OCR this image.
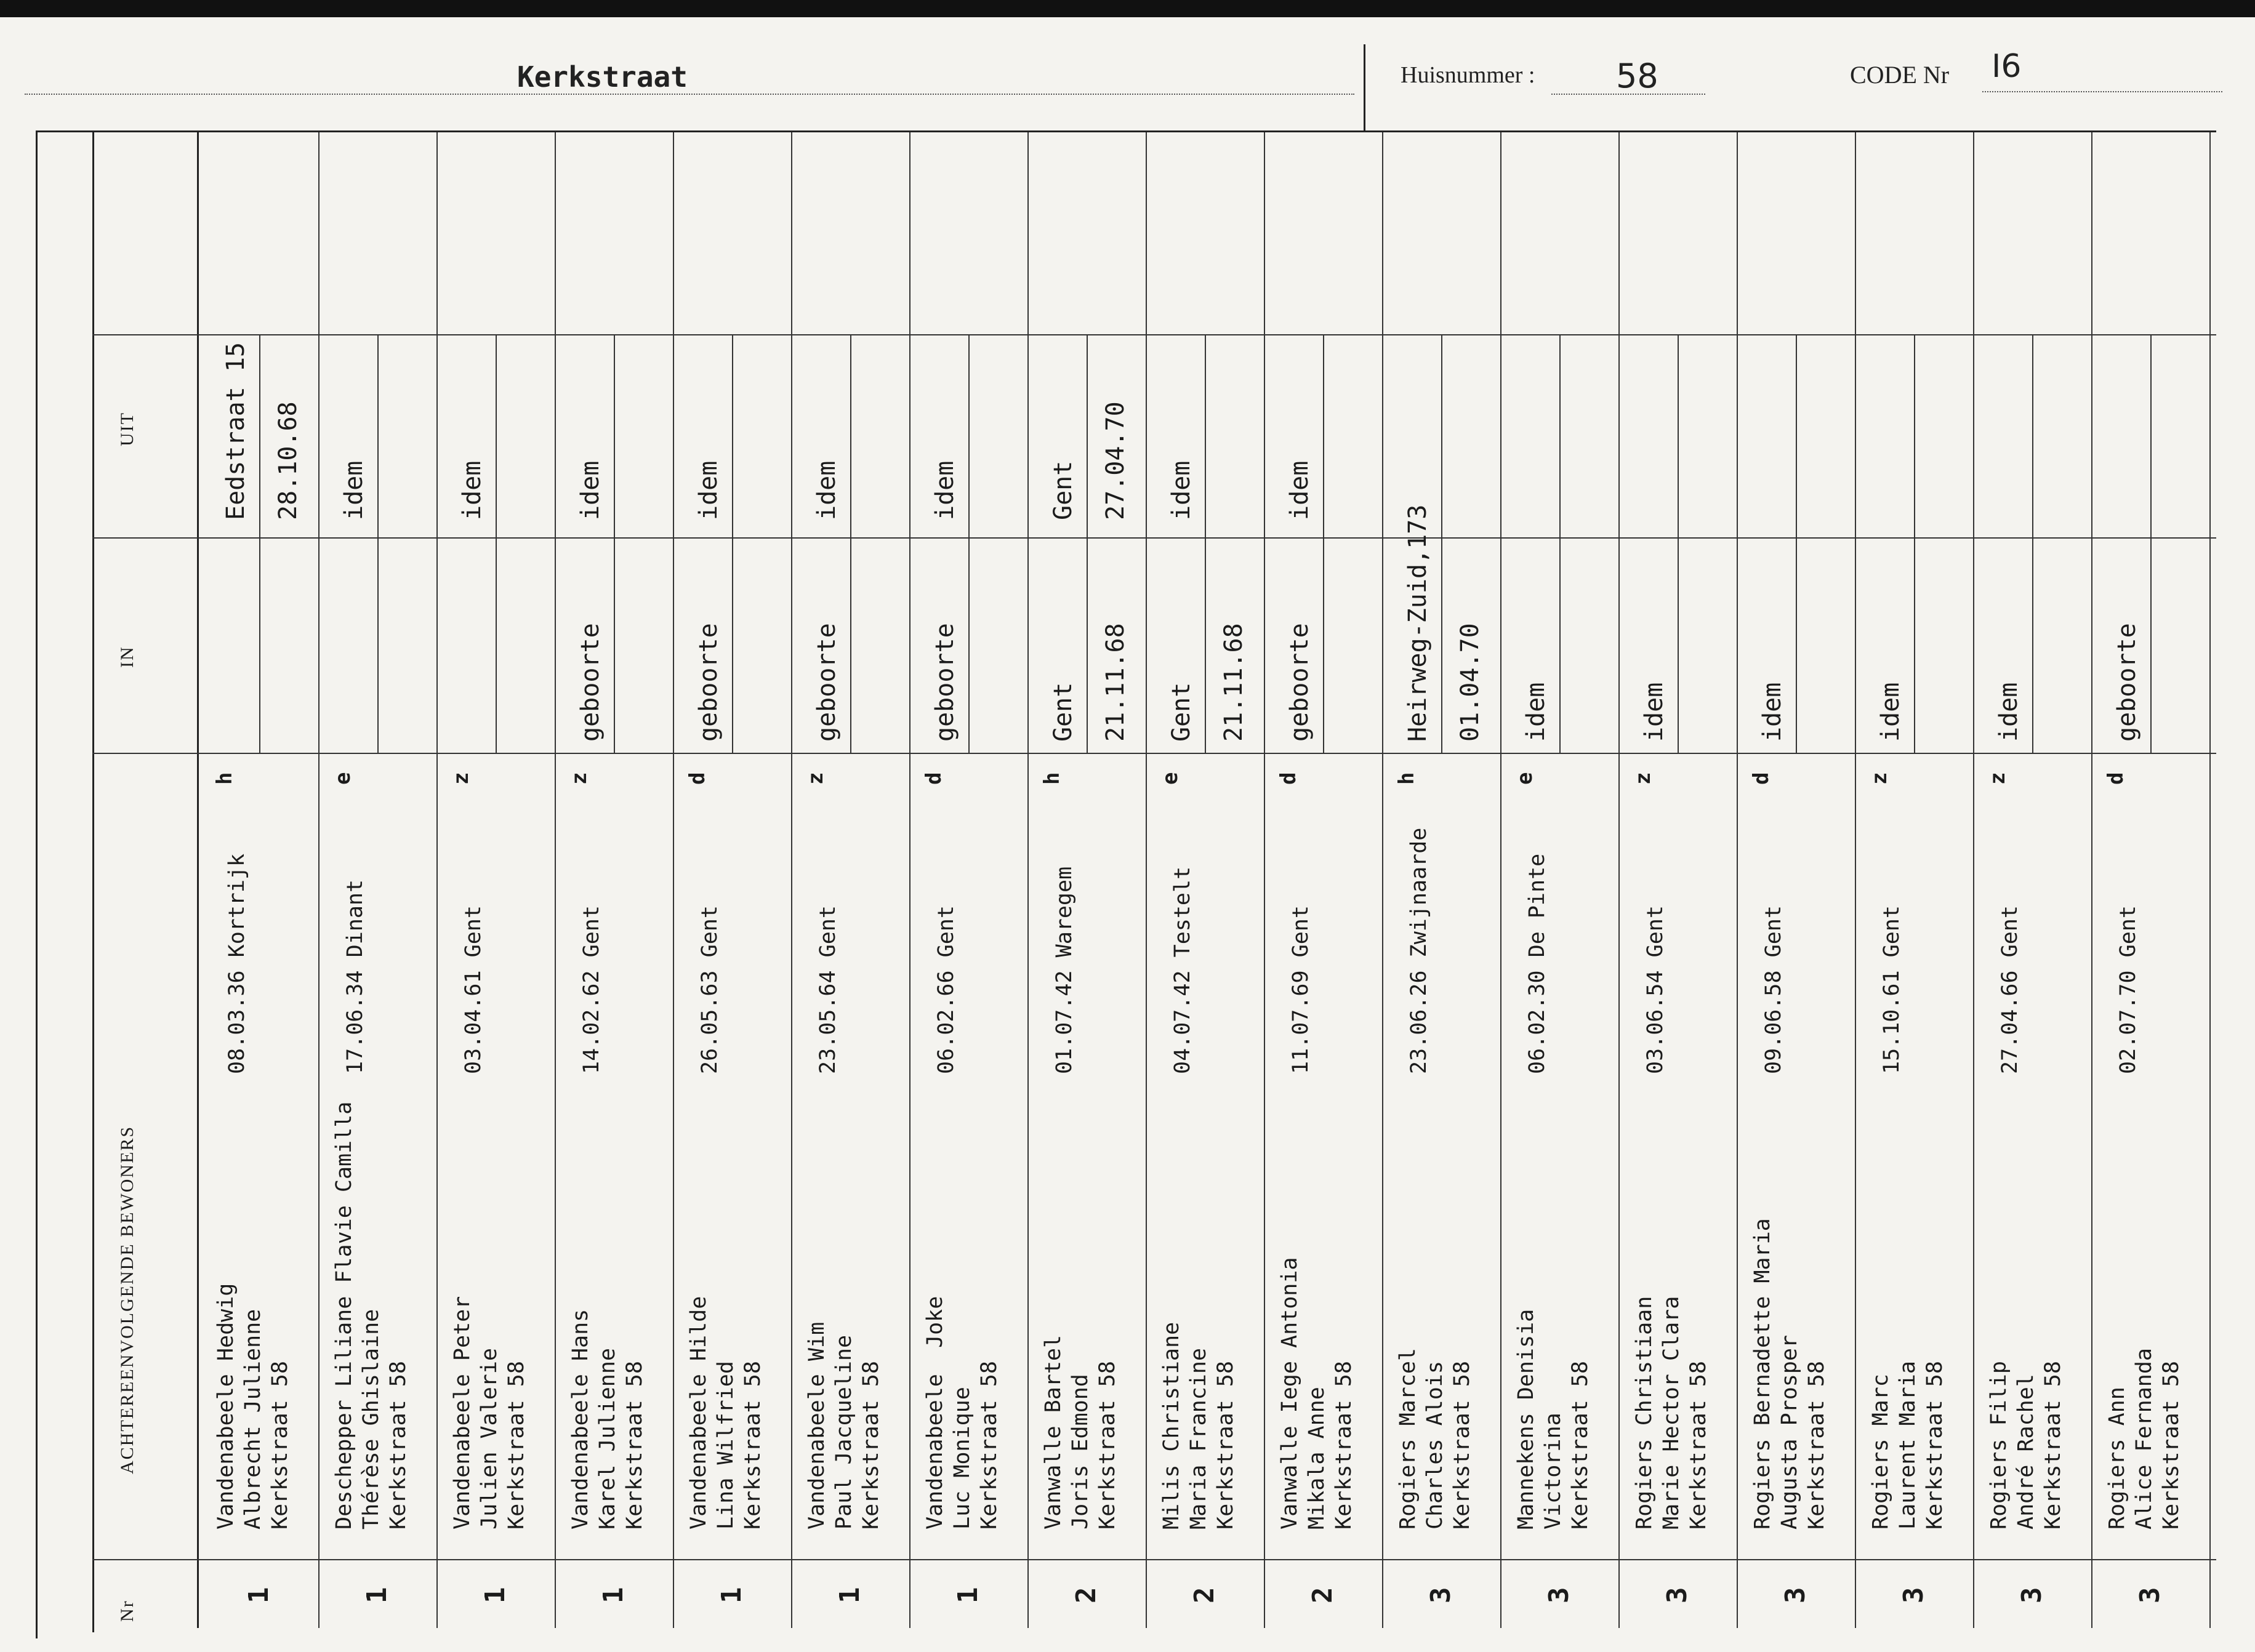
Kerkstraat	Huisnummer : 58	CODE Nr I6
Nr
ACHTEREENVOLGENDE BEWONERS
IN
UIT
1
Vandenabeele Hedwig
Albrecht Julienne
Kerkstraat 58
08.03.36 Kortrijk
h
Eedstraat 15 28.10.68
1
Deschepper Liliane Flavie Camilla
Thérèse Ghislaine
Kerkstraat 58
17.06.34 Dinant
e
idem
1
Vandenabeele Peter
Julien Valerie
Kerkstraat 58
03.04.61 Gent
z
idem
1
Vandenabeele Hans
Karel Julienne
Kerkstraat 58
14.02.62 Gent
z
geboorte
idem
1
Vandenabeele Hilde
Lina Wilfried
Kerkstraat 58
26.05.63 Gent
d
geboorte
idem
1
Vandenabeele Wim
Paul Jacqueline
Kerkstraat 58
23.05.64 Gent
z
geboorte
idem
1
Vandenabeele  Joke
Luc Monique
Kerkstraat 58
06.02.66 Gent
d
geboorte
idem
2
Vanwalle Bartel
Joris Edmond
Kerkstraat 58
01.07.42 Waregem
h
Gent 21.11.68
Gent 27.04.70
2
Milis Christiane
Maria Francine
Kerkstraat 58
04.07.42 Testelt
e
Gent 21.11.68
idem
2
Vanwalle Iege Antonia
Mikala Anne
Kerkstraat 58
11.07.69 Gent
d
geboorte
idem
3
Rogiers Marcel
Charles Alois
Kerkstraat 58
23.06.26 Zwijnaarde
h
Heirweg-Zuid,173 01.04.70
3
Mannekens Denisia
Victorina
Kerkstraat 58
06.02.30 De Pinte
e
idem
3
Rogiers Christiaan
Marie Hector Clara
Kerkstraat 58
03.06.54 Gent
z
idem
3
Rogiers Bernadette Maria
Augusta Prosper
Kerkstraat 58
09.06.58 Gent
d
idem
3
Rogiers Marc
Laurent Maria
Kerkstraat 58
15.10.61 Gent
z
idem
3
Rogiers Filip
André Rachel
Kerkstraat 58
27.04.66 Gent
z
idem
3
Rogiers Ann
Alice Fernanda
Kerkstraat 58
02.07.70 Gent
d
geboorte
